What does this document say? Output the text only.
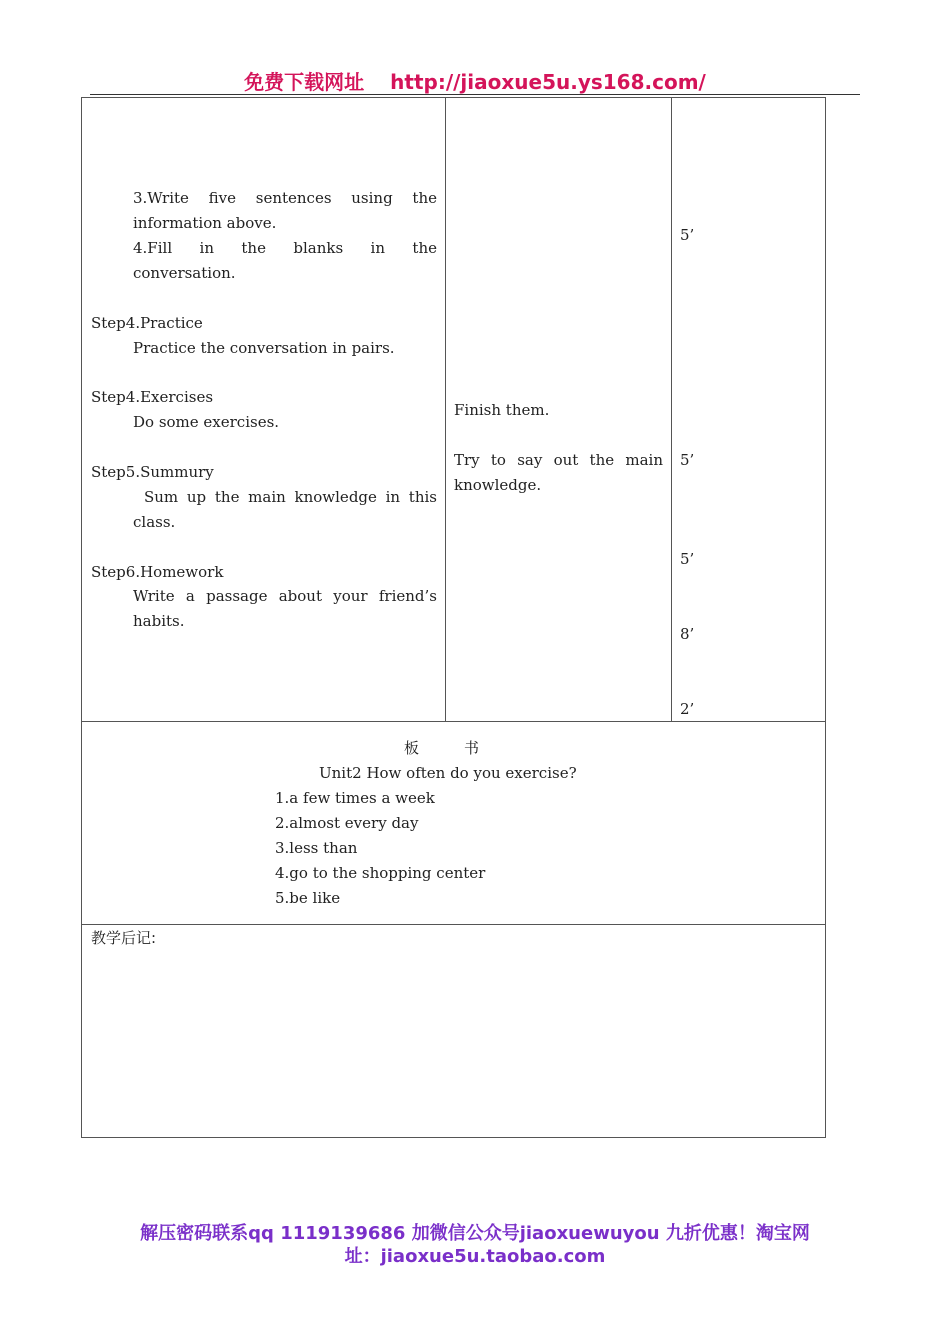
免费下载网址 http://jiaoxue5u.ys168.com/
3.Write five sentences using the
information above.
4.Fill in the blanks in the
conversation.
Step4.Practice
Practice the conversation in pairs.
Step4.Exercises
Do some exercises.
Step5.Summury
Sum up the main knowledge in this
class.
Step6.Homework
Write a passage about your friend’s
habits.
Finish them.
Try to say out the main
knowledge.
5’
5’
5’
8’
2’
板　　　书
Unit2 How often do you exercise?
1.a few times a week
2.almost every day
3.less than
4.go to the shopping center
5.be like
教学后记:
解压密码联系qq 1119139686 加微信公众号jiaoxuewuyou 九折优惠！淘宝网
址：jiaoxue5u.taobao.com
